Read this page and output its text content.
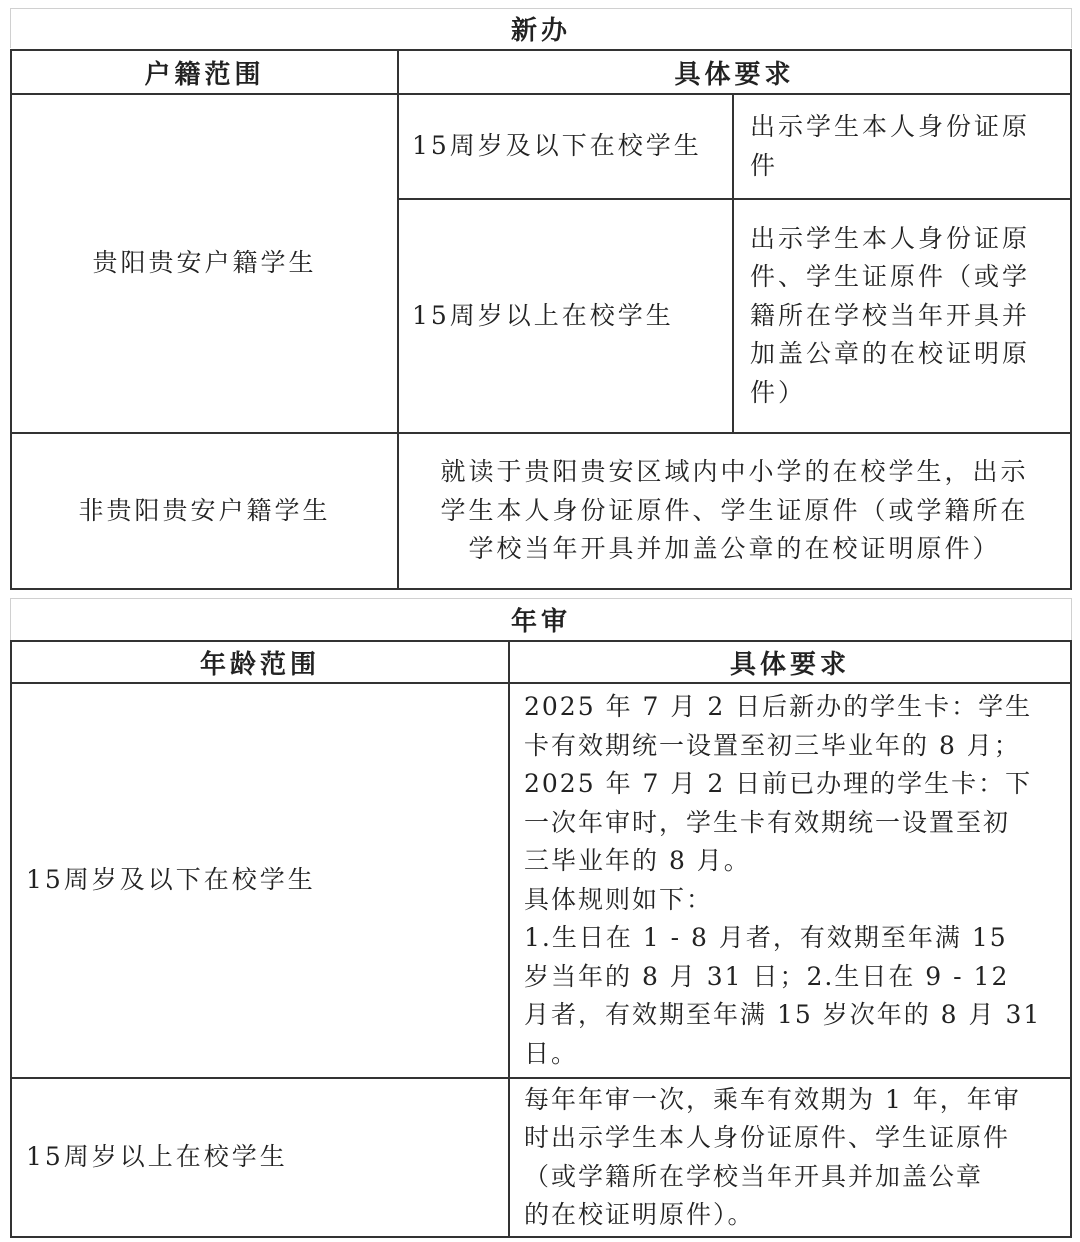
新办
户籍范围	具体要求
贵阳贵安户籍学生
15周岁及以下在校学生
出示学生本人身份证原
件
15周岁以上在校学生
出示学生本人身份证原
件、学生证原件（或学
籍所在学校当年开具并
加盖公章的在校证明原
件）
非贵阳贵安户籍学生
就读于贵阳贵安区域内中小学的在校学生，出示
学生本人身份证原件、学生证原件（或学籍所在
学校当年开具并加盖公章的在校证明原件）
年审
年龄范围	具体要求
15周岁及以下在校学生
2025 年 7 月 2 日后新办的学生卡：学生
卡有效期统一设置至初三毕业年的 8 月；
2025 年 7 月 2 日前已办理的学生卡：下
一次年审时，学生卡有效期统一设置至初
三毕业年的 8 月。
具体规则如下：
1.生日在 1 - 8 月者，有效期至年满 15
岁当年的 8 月 31 日；2.生日在 9 - 12
月者，有效期至年满 15 岁次年的 8 月 31
日。
15周岁以上在校学生
每年年审一次，乘车有效期为 1 年，年审
时出示学生本人身份证原件、学生证原件
（或学籍所在学校当年开具并加盖公章
的在校证明原件）。
